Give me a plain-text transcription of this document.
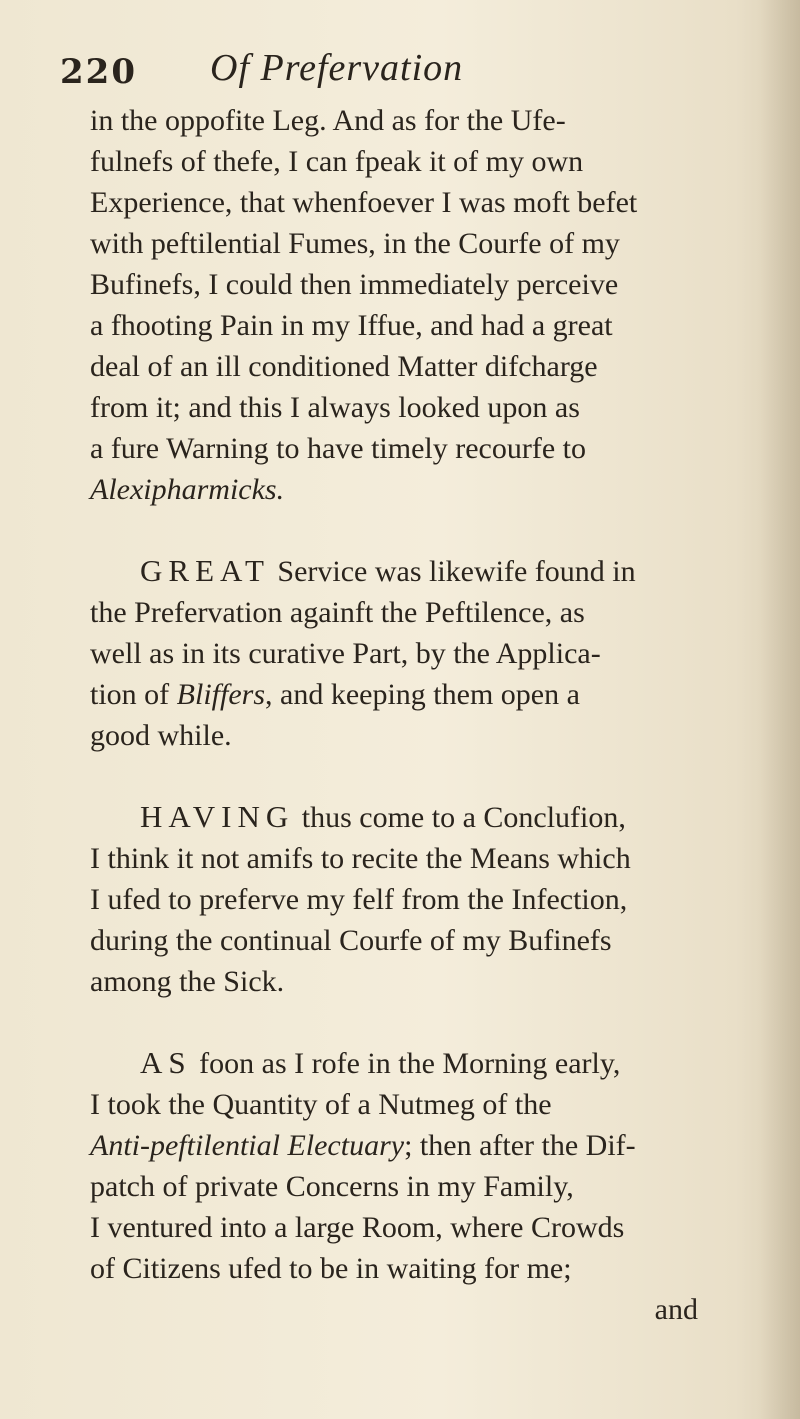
220 Of Prefervation
in the oppofite Leg. And as for the Ufe-
fulnefs of thefe, I can fpeak it of my own
Experience, that whenfoever I was moft befet
with peftilential Fumes, in the Courfe of my
Bufinefs, I could then immediately perceive
a fhooting Pain in my Iffue, and had a great
deal of an ill conditioned Matter difcharge
from it; and this I always looked upon as
a fure Warning to have timely recourfe to
Alexipharmicks.
GREAT Service was likewife found in
the Prefervation againft the Peftilence, as
well as in its curative Part, by the Applica-
tion of Bliffers, and keeping them open a
good while.
HAVING thus come to a Conclufion,
I think it not amifs to recite the Means which
I ufed to preferve my felf from the Infection,
during the continual Courfe of my Bufinefs
among the Sick.
AS foon as I rofe in the Morning early,
I took the Quantity of a Nutmeg of the
Anti-peftilential Electuary; then after the Dif-
patch of private Concerns in my Family,
I ventured into a large Room, where Crowds
of Citizens ufed to be in waiting for me;
and
